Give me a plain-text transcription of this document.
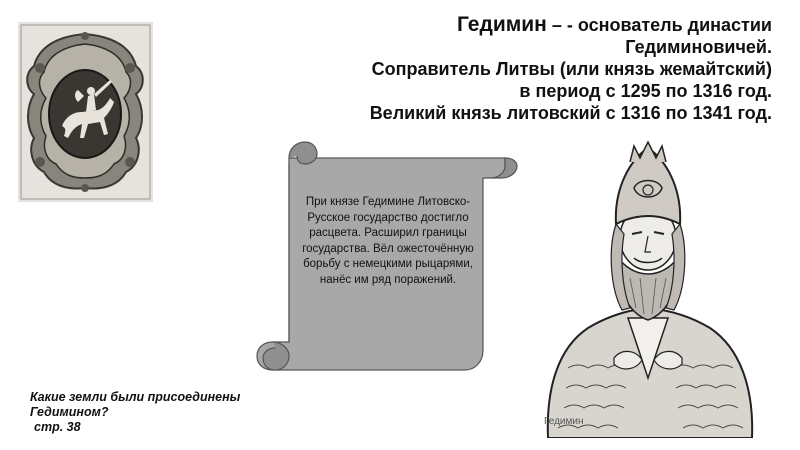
Гедимин – - основатель династии
Гедиминовичей.
Соправитель Литвы (или князь жемайтский)
в период с 1295 по 1316 год.
Великий князь литовский с 1316 по 1341 год.
Гедимин
При князе Гедимине Литовско-Русское государство достигло расцвета. Расширил границы государства. Вёл ожесточённую борьбу с немецкими рыцарями, нанёс им ряд поражений.
Какие земли были присоединены
Гедимином?
стр. 38
